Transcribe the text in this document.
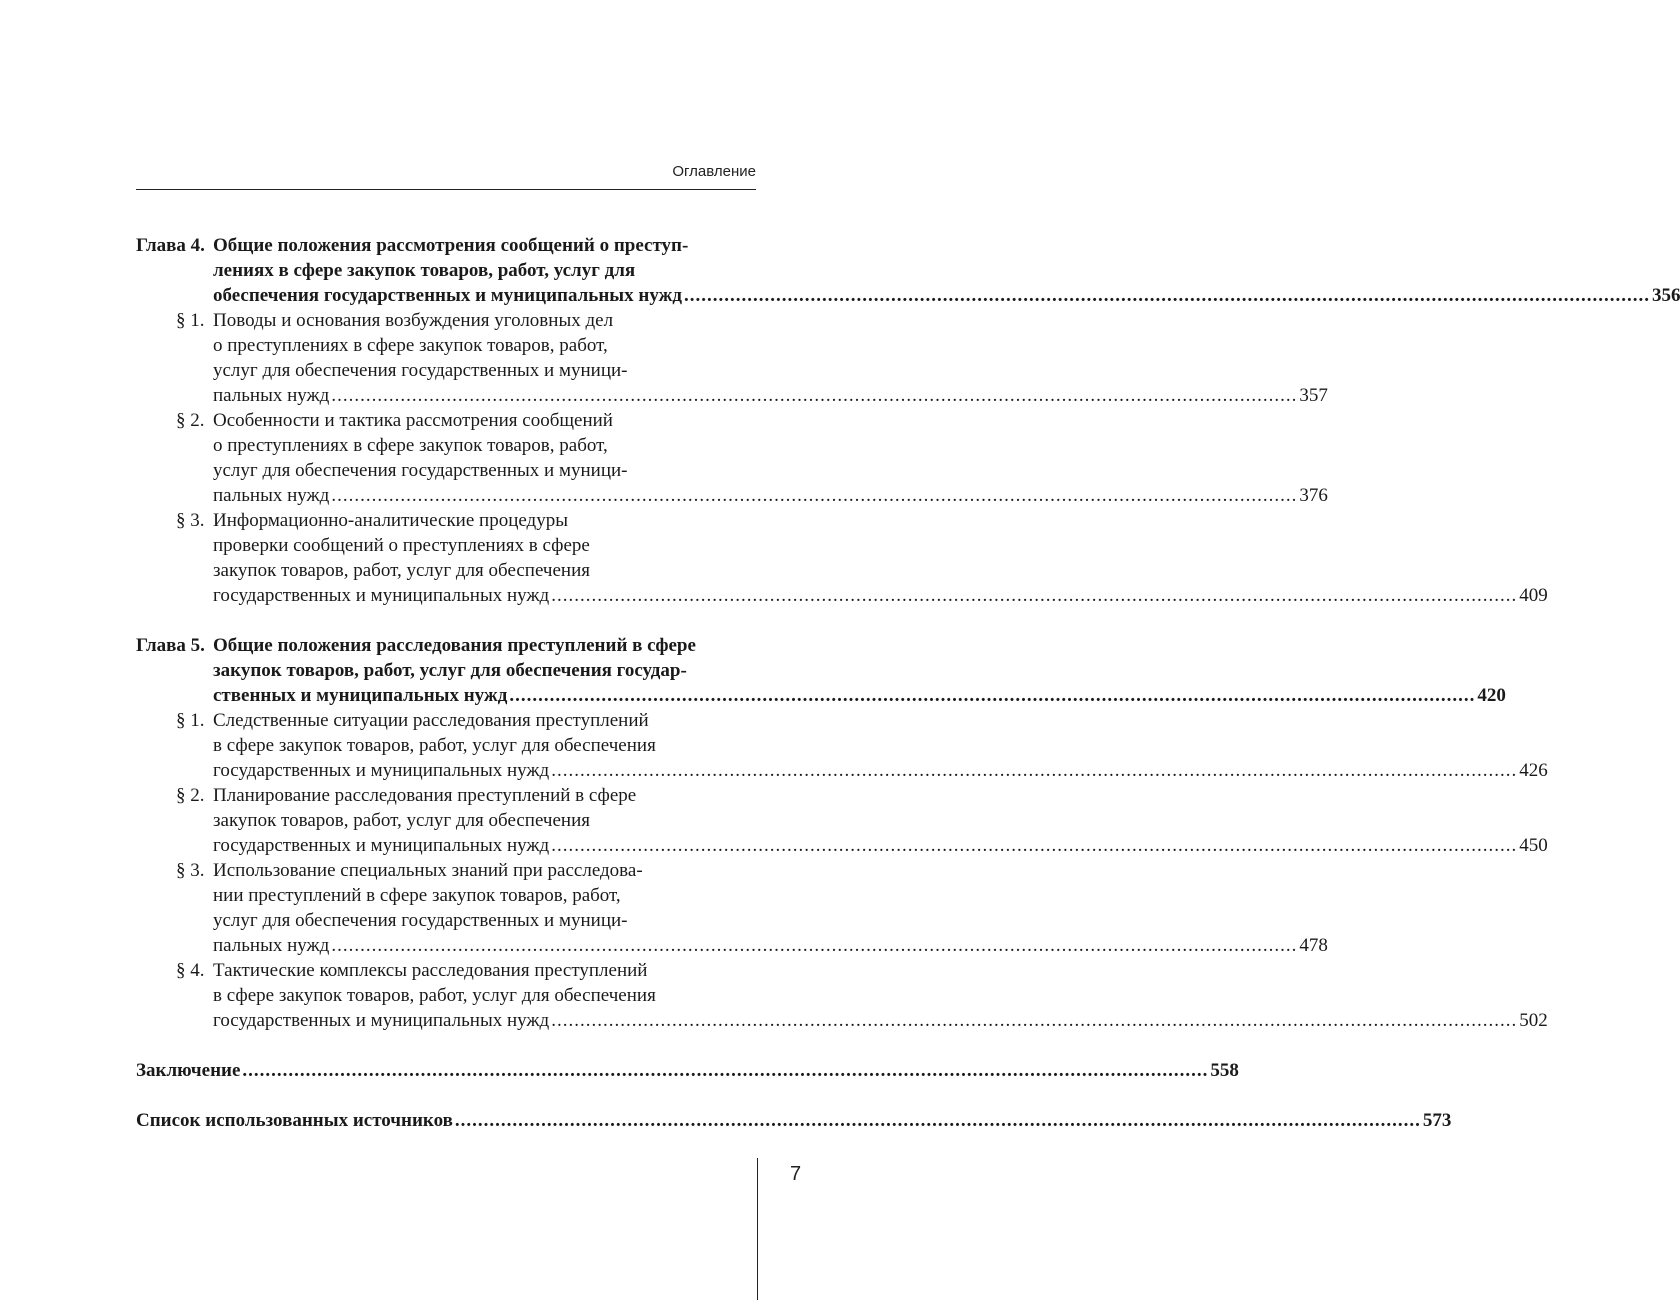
Оглавление
Глава 4. Общие положения рассмотрения сообщений о преступ-
лениях в сфере закупок товаров, работ, услуг для
обеспечения государственных и муниципальных нужд .....	356
§ 1. Поводы и основания возбуждения уголовных дел
о преступлениях в сфере закупок товаров, работ,
услуг для обеспечения государственных и муници-
пальных нужд .....	357
§ 2. Особенности и тактика рассмотрения сообщений
о преступлениях в сфере закупок товаров, работ,
услуг для обеспечения государственных и муници-
пальных нужд .....	376
§ 3. Информационно-аналитические процедуры
проверки сообщений о преступлениях в сфере
закупок товаров, работ, услуг для обеспечения
государственных и муниципальных нужд .....	409
Глава 5. Общие положения расследования преступлений в сфере
закупок товаров, работ, услуг для обеспечения государ-
ственных и муниципальных нужд .....	420
§ 1. Следственные ситуации расследования преступлений
в сфере закупок товаров, работ, услуг для обеспечения
государственных и муниципальных нужд .....	426
§ 2. Планирование расследования преступлений в сфере
закупок товаров, работ, услуг для обеспечения
государственных и муниципальных нужд .....	450
§ 3. Использование специальных знаний при расследова-
нии преступлений в сфере закупок товаров, работ,
услуг для обеспечения государственных и муници-
пальных нужд .....	478
§ 4. Тактические комплексы расследования преступлений
в сфере закупок товаров, работ, услуг для обеспечения
государственных и муниципальных нужд .....	502
Заключение .....	558
Список использованных источников .....	573
7
